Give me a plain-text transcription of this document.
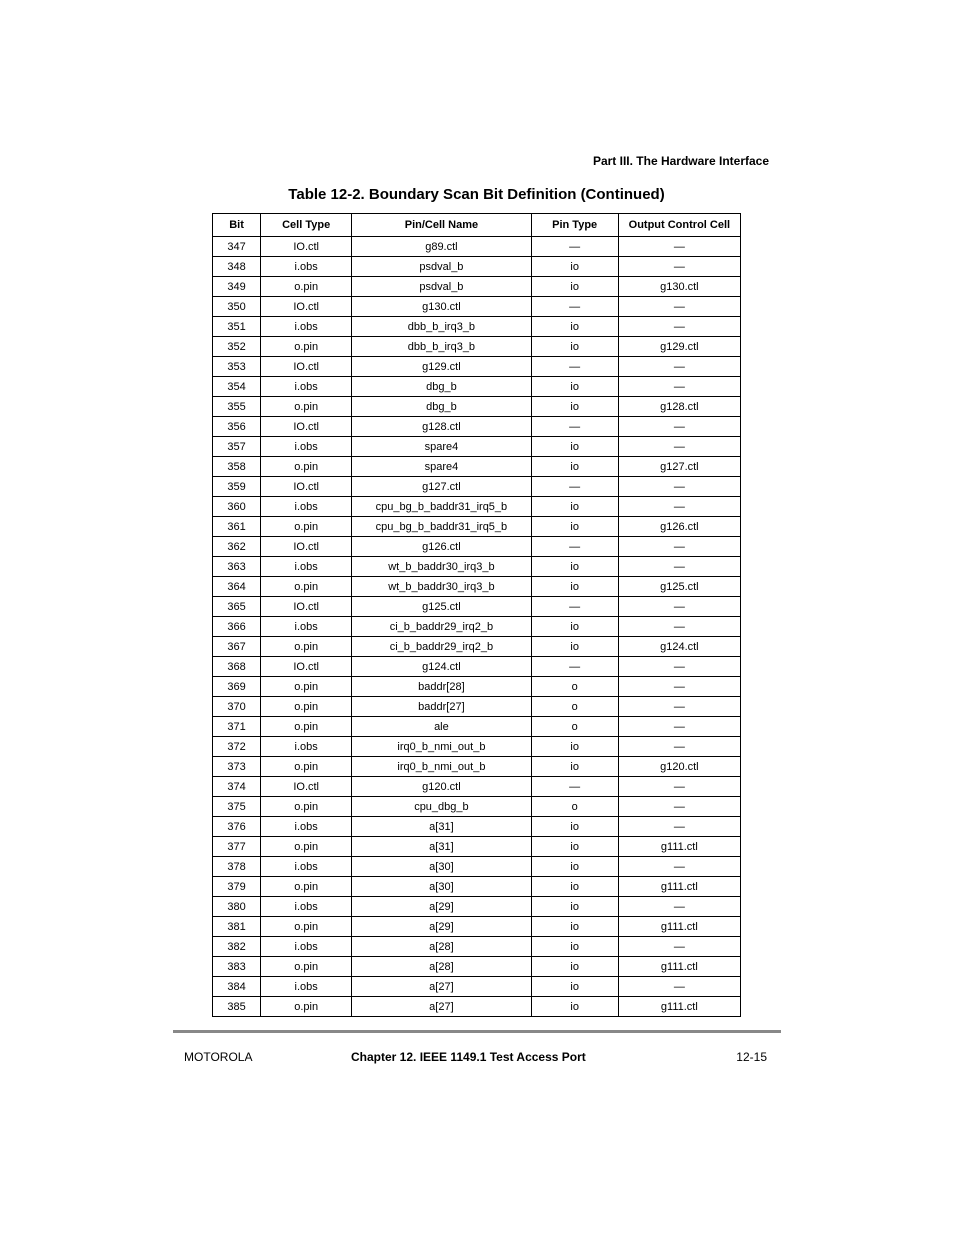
Part III. The Hardware Interface
Table 12-2. Boundary Scan Bit Definition (Continued)
Bit	Cell Type	Pin/Cell Name	Pin Type	Output Control Cell
347	IO.ctl	g89.ctl	—	—
348	i.obs	psdval_b	io	—
349	o.pin	psdval_b	io	g130.ctl
350	IO.ctl	g130.ctl	—	—
351	i.obs	dbb_b_irq3_b	io	—
352	o.pin	dbb_b_irq3_b	io	g129.ctl
353	IO.ctl	g129.ctl	—	—
354	i.obs	dbg_b	io	—
355	o.pin	dbg_b	io	g128.ctl
356	IO.ctl	g128.ctl	—	—
357	i.obs	spare4	io	—
358	o.pin	spare4	io	g127.ctl
359	IO.ctl	g127.ctl	—	—
360	i.obs	cpu_bg_b_baddr31_irq5_b	io	—
361	o.pin	cpu_bg_b_baddr31_irq5_b	io	g126.ctl
362	IO.ctl	g126.ctl	—	—
363	i.obs	wt_b_baddr30_irq3_b	io	—
364	o.pin	wt_b_baddr30_irq3_b	io	g125.ctl
365	IO.ctl	g125.ctl	—	—
366	i.obs	ci_b_baddr29_irq2_b	io	—
367	o.pin	ci_b_baddr29_irq2_b	io	g124.ctl
368	IO.ctl	g124.ctl	—	—
369	o.pin	baddr[28]	o	—
370	o.pin	baddr[27]	o	—
371	o.pin	ale	o	—
372	i.obs	irq0_b_nmi_out_b	io	—
373	o.pin	irq0_b_nmi_out_b	io	g120.ctl
374	IO.ctl	g120.ctl	—	—
375	o.pin	cpu_dbg_b	o	—
376	i.obs	a[31]	io	—
377	o.pin	a[31]	io	g111.ctl
378	i.obs	a[30]	io	—
379	o.pin	a[30]	io	g111.ctl
380	i.obs	a[29]	io	—
381	o.pin	a[29]	io	g111.ctl
382	i.obs	a[28]	io	—
383	o.pin	a[28]	io	g111.ctl
384	i.obs	a[27]	io	—
385	o.pin	a[27]	io	g111.ctl
MOTOROLA	Chapter 12. IEEE 1149.1 Test Access Port	12-15
